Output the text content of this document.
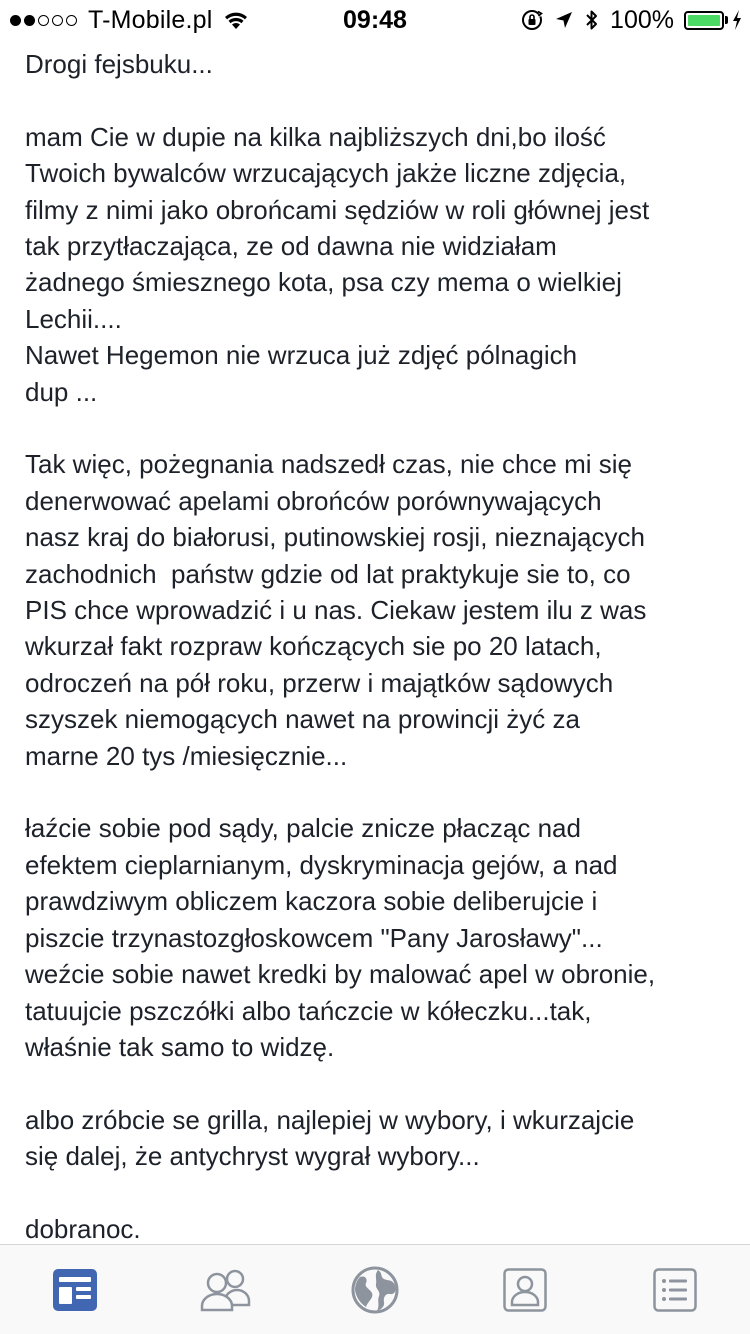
T-Mobile.pl	09:48	100%
Drogi fejsbuku...
mam Cie w dupie na kilka najbliższych dni,bo ilość
Twoich bywalców wrzucających jakże liczne zdjęcia,
filmy z nimi jako obrońcami sędziów w roli głównej jest
tak przytłaczająca, ze od dawna nie widziałam
żadnego śmiesznego kota, psa czy mema o wielkiej
Lechii....
Nawet Hegemon nie wrzuca już zdjęć pólnagich
dup ...
Tak więc, pożegnania nadszedł czas, nie chce mi się
denerwować apelami obrońców porównywających
nasz kraj do białorusi, putinowskiej rosji, nieznających
zachodnich  państw gdzie od lat praktykuje sie to, co
PIS chce wprowadzić i u nas. Ciekaw jestem ilu z was
wkurzał fakt rozpraw kończących sie po 20 latach,
odroczeń na pół roku, przerw i majątków sądowych
szyszek niemogących nawet na prowincji żyć za
marne 20 tys /miesięcznie...
łaźcie sobie pod sądy, palcie znicze płacząc nad
efektem cieplarnianym, dyskryminacja gejów, a nad
prawdziwym obliczem kaczora sobie deliberujcie i
piszcie trzynastozgłoskowcem "Pany Jarosławy"...
weźcie sobie nawet kredki by malować apel w obronie,
tatuujcie pszczółki albo tańczcie w kółeczku...tak,
właśnie tak samo to widzę.
albo zróbcie se grilla, najlepiej w wybory, i wkurzajcie
się dalej, że antychryst wygrał wybory...
dobranoc.
